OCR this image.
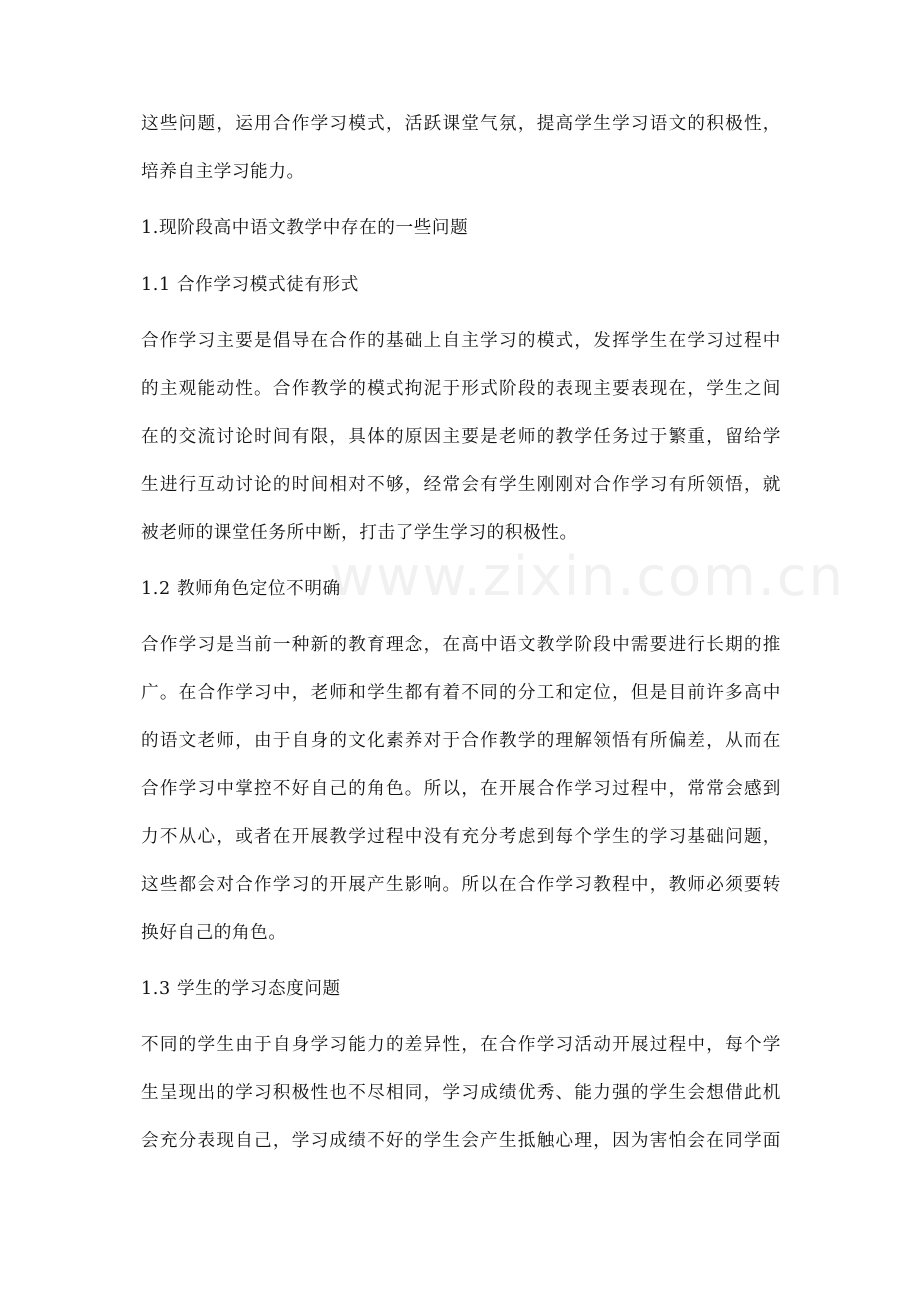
www.zixin.com.cn
这些问题，运用合作学习模式，活跃课堂气氛，提高学生学习语文的积极性，
培养自主学习能力。
1.现阶段高中语文教学中存在的一些问题
1.1 合作学习模式徒有形式
合作学习主要是倡导在合作的基础上自主学习的模式，发挥学生在学习过程中
的主观能动性。合作教学的模式拘泥于形式阶段的表现主要表现在，学生之间
在的交流讨论时间有限，具体的原因主要是老师的教学任务过于繁重，留给学
生进行互动讨论的时间相对不够，经常会有学生刚刚对合作学习有所领悟，就
被老师的课堂任务所中断，打击了学生学习的积极性。
1.2 教师角色定位不明确
合作学习是当前一种新的教育理念，在高中语文教学阶段中需要进行长期的推
广。在合作学习中，老师和学生都有着不同的分工和定位，但是目前许多高中
的语文老师，由于自身的文化素养对于合作教学的理解领悟有所偏差，从而在
合作学习中掌控不好自己的角色。所以，在开展合作学习过程中，常常会感到
力不从心，或者在开展教学过程中没有充分考虑到每个学生的学习基础问题，
这些都会对合作学习的开展产生影响。所以在合作学习教程中，教师必须要转
换好自己的角色。
1.3 学生的学习态度问题
不同的学生由于自身学习能力的差异性，在合作学习活动开展过程中，每个学
生呈现出的学习积极性也不尽相同，学习成绩优秀、能力强的学生会想借此机
会充分表现自己，学习成绩不好的学生会产生抵触心理，因为害怕会在同学面
